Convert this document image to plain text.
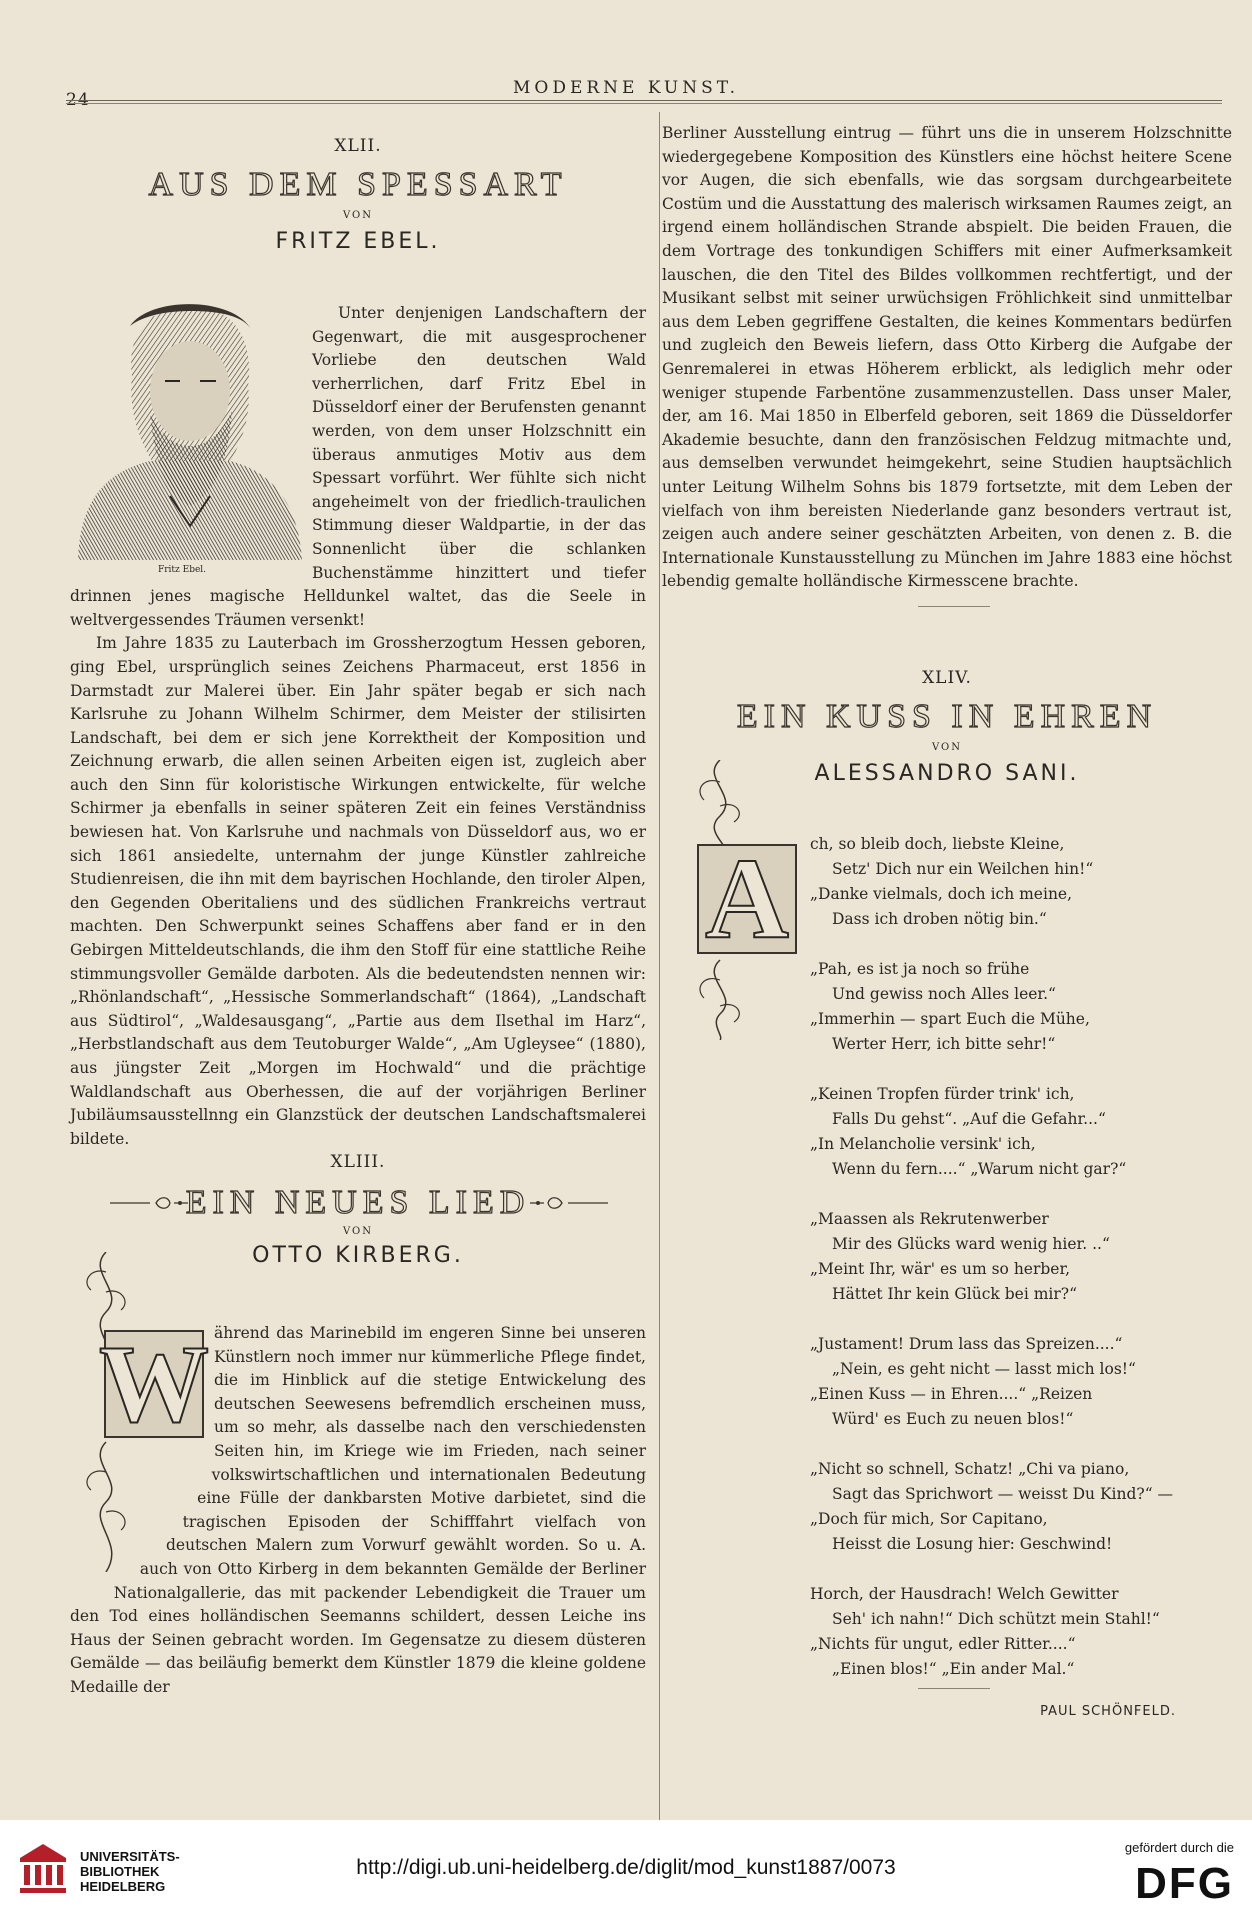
24
MODERNE KUNST.
XLII.
AUS DEM SPESSART
VON
FRITZ EBEL.
Fritz Ebel.

Unter denjenigen Landschaftern der Gegenwart, die mit ausgesprochener Vorliebe den deutschen Wald verherrlichen, darf Fritz Ebel in Düsseldorf einer der Berufensten genannt werden, von dem unser Holzschnitt ein überaus anmutiges Motiv aus dem Spessart vorführt. Wer fühlte sich nicht angeheimelt von der friedlich-traulichen Stimmung dieser Waldpartie, in der das Sonnenlicht über die schlanken Buchenstämme hinzittert und tiefer drinnen jenes magische Helldunkel waltet, das die Seele in weltvergessendes Träumen versenkt!

Im Jahre 1835 zu Lauterbach im Grossherzogtum Hessen geboren, ging Ebel, ursprünglich seines Zeichens Pharmaceut, erst 1856 in Darmstadt zur Malerei über. Ein Jahr später begab er sich nach Karlsruhe zu Johann Wilhelm Schirmer, dem Meister der stilisirten Landschaft, bei dem er sich jene Korrektheit der Komposition und Zeichnung erwarb, die allen seinen Arbeiten eigen ist, zugleich aber auch den Sinn für koloristische Wirkungen entwickelte, für welche Schirmer ja ebenfalls in seiner späteren Zeit ein feines Verständniss bewiesen hat. Von Karlsruhe und nachmals von Düsseldorf aus, wo er sich 1861 ansiedelte, unternahm der junge Künstler zahlreiche Studienreisen, die ihn mit dem bayrischen Hochlande, den tiroler Alpen, den Gegenden Oberitaliens und des südlichen Frankreichs vertraut machten. Den Schwerpunkt seines Schaffens aber fand er in den Gebirgen Mitteldeutschlands, die ihm den Stoff für eine stattliche Reihe stimmungsvoller Gemälde darboten. Als die bedeutendsten nennen wir: „Rhönlandschaft“, „Hessische Sommerlandschaft“ (1864), „Landschaft aus Südtirol“, „Waldesausgang“, „Partie aus dem Ilsethal im Harz“, „Herbstlandschaft aus dem Teutoburger Walde“, „Am Ugleysee“ (1880), aus jüngster Zeit „Morgen im Hochwald“ und die prächtige Waldlandschaft aus Oberhessen, die auf der vorjährigen Berliner Jubiläumsausstellnng ein Glanzstück der deutschen Landschaftsmalerei bildete.

XLIII.
EIN NEUES LIED
VON
OTTO KIRBERG.
W ährend das Marinebild im engeren Sinne bei unseren Künstlern noch immer nur kümmerliche Pflege findet, die im Hinblick auf die stetige Entwickelung des deutschen Seewesens befremdlich erscheinen muss, um so mehr, als dasselbe nach den verschiedensten Seiten hin, im Kriege wie im Frieden, nach seiner volkswirtschaftlichen und internationalen Bedeutung eine Fülle der dankbarsten Motive darbietet, sind die tragischen Episoden der Schifffahrt vielfach von deutschen Malern zum Vorwurf gewählt worden. So u. A. auch von Otto Kirberg in dem bekannten Gemälde der Berliner Nationalgallerie, das mit packender Lebendigkeit die Trauer um den Tod eines holländischen Seemanns schildert, dessen Leiche ins Haus der Seinen gebracht worden. Im Gegensatze zu diesem düsteren Gemälde — das beiläufig bemerkt dem Künstler 1879 die kleine goldene Medaille der

Berliner Ausstellung eintrug — führt uns die in unserem Holzschnitte wiedergegebene Komposition des Künstlers eine höchst heitere Scene vor Augen, die sich ebenfalls, wie das sorgsam durchgearbeitete Costüm und die Ausstattung des malerisch wirksamen Raumes zeigt, an irgend einem holländischen Strande abspielt. Die beiden Frauen, die dem Vortrage des tonkundigen Schiffers mit einer Aufmerksamkeit lauschen, die den Titel des Bildes vollkommen rechtfertigt, und der Musikant selbst mit seiner urwüchsigen Fröhlichkeit sind unmittelbar aus dem Leben gegriffene Gestalten, die keines Kommentars bedürfen und zugleich den Beweis liefern, dass Otto Kirberg die Aufgabe der Genremalerei in etwas Höherem erblickt, als lediglich mehr oder weniger stupende Farbentöne zusammenzustellen. Dass unser Maler, der, am 16. Mai 1850 in Elberfeld geboren, seit 1869 die Düsseldorfer Akademie besuchte, dann den französischen Feldzug mitmachte und, aus demselben verwundet heimgekehrt, seine Studien hauptsächlich unter Leitung Wilhelm Sohns bis 1879 fortsetzte, mit dem Leben der vielfach von ihm bereisten Niederlande ganz besonders vertraut ist, zeigen auch andere seiner geschätzten Arbeiten, von denen z. B. die Internationale Kunstausstellung zu München im Jahre 1883 eine höchst lebendig gemalte holländische Kirmesscene brachte.

XLIV.
EIN KUSS IN EHREN
VON
ALESSANDRO SANI.
A	ch, so bleib doch, liebste Kleine,
Setz' Dich nur ein Weilchen hin!“
„Danke vielmals, doch ich meine,
Dass ich droben nötig bin.“
„Pah, es ist ja noch so frühe
Und gewiss noch Alles leer.“
„Immerhin — spart Euch die Mühe,
Werter Herr, ich bitte sehr!“
„Keinen Tropfen fürder trink' ich,
Falls Du gehst“. „Auf die Gefahr...“
„In Melancholie versink' ich,
Wenn du fern....“ „Warum nicht gar?“
„Maassen als Rekrutenwerber
Mir des Glücks ward wenig hier. ..“
„Meint Ihr, wär' es um so herber,
Hättet Ihr kein Glück bei mir?“
„Justament! Drum lass das Spreizen....“
„Nein, es geht nicht — lasst mich los!“
„Einen Kuss — in Ehren....“ „Reizen
Würd' es Euch zu neuen blos!“
„Nicht so schnell, Schatz! „Chi va piano,
Sagt das Sprichwort — weisst Du Kind?“ —
„Doch für mich, Sor Capitano,
Heisst die Losung hier: Geschwind!
Horch, der Hausdrach! Welch Gewitter
Seh' ich nahn!“ Dich schützt mein Stahl!“
„Nichts für ungut, edler Ritter....“
„Einen blos!“ „Ein ander Mal.“
PAUL SCHÖNFELD.
UNIVERSITÄTS-
BIBLIOTHEK
HEIDELBERG
http://digi.ub.uni-heidelberg.de/diglit/mod_kunst1887/0073
gefördert durch die
DFG
